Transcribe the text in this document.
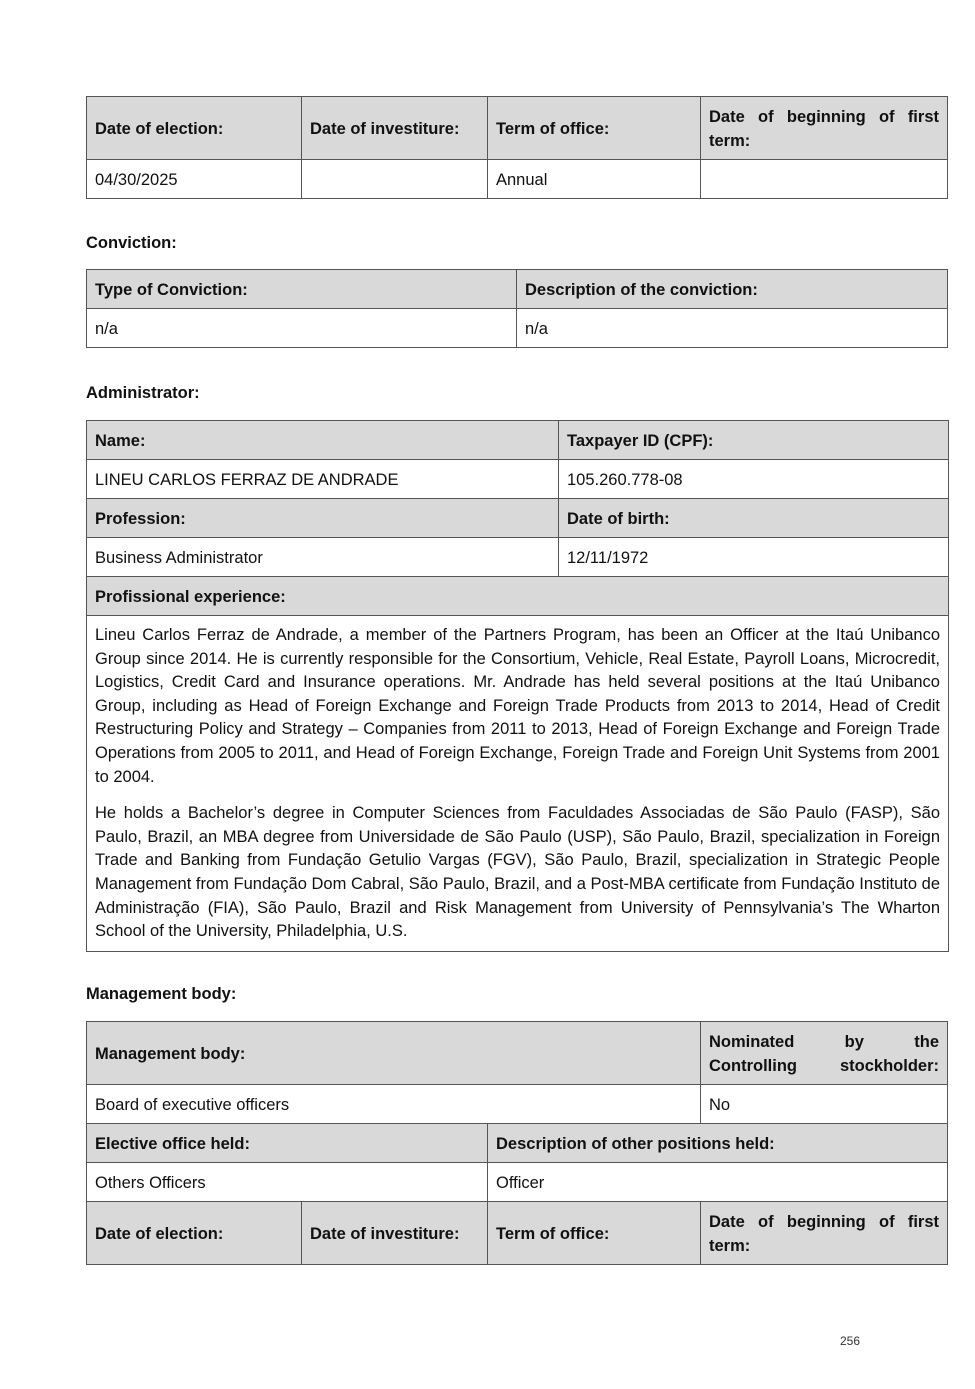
Date of election:	Date of investiture:	Term of office:	Date of beginning of first term:
04/30/2025		Annual	
Conviction:
Type of Conviction:	Description of the conviction:
n/a	n/a
Administrator:
Name:	Taxpayer ID (CPF):
LINEU CARLOS FERRAZ DE ANDRADE	105.260.778-08
Profession:	Date of birth:
Business Administrator	12/11/1972
Profissional experience:	

Lineu Carlos Ferraz de Andrade, a member of the Partners Program, has been an Officer at the Itaú Unibanco Group since 2014. He is currently responsible for the Consortium, Vehicle, Real Estate, Payroll Loans, Microcredit, Logistics, Credit Card and Insurance operations. Mr. Andrade has held several positions at the Itaú Unibanco Group, including as Head of Foreign Exchange and Foreign Trade Products from 2013 to 2014, Head of Credit Restructuring Policy and Strategy – Companies from 2011 to 2013, Head of Foreign Exchange and Foreign Trade Operations from 2005 to 2011, and Head of Foreign Exchange, Foreign Trade and Foreign Unit Systems from 2001 to 2004.

He holds a Bachelor’s degree in Computer Sciences from Faculdades Associadas de São Paulo (FASP), São Paulo, Brazil, an MBA degree from Universidade de São Paulo (USP), São Paulo, Brazil, specialization in Foreign Trade and Banking from Fundação Getulio Vargas (FGV), São Paulo, Brazil, specialization in Strategic People Management from Fundação Dom Cabral, São Paulo, Brazil, and a Post-MBA certificate from Fundação Instituto de Administração (FIA), São Paulo, Brazil and Risk Management from University of Pennsylvania’s The Wharton School of the University, Philadelphia, U.S.	

Management body:
Management body:			Nominated by the Controlling stockholder:
Board of executive officers			No
Elective office held:		Description of other positions held:	
Others Officers		Officer	
Date of election:	Date of investiture:	Term of office:	Date of beginning of first term:
256
